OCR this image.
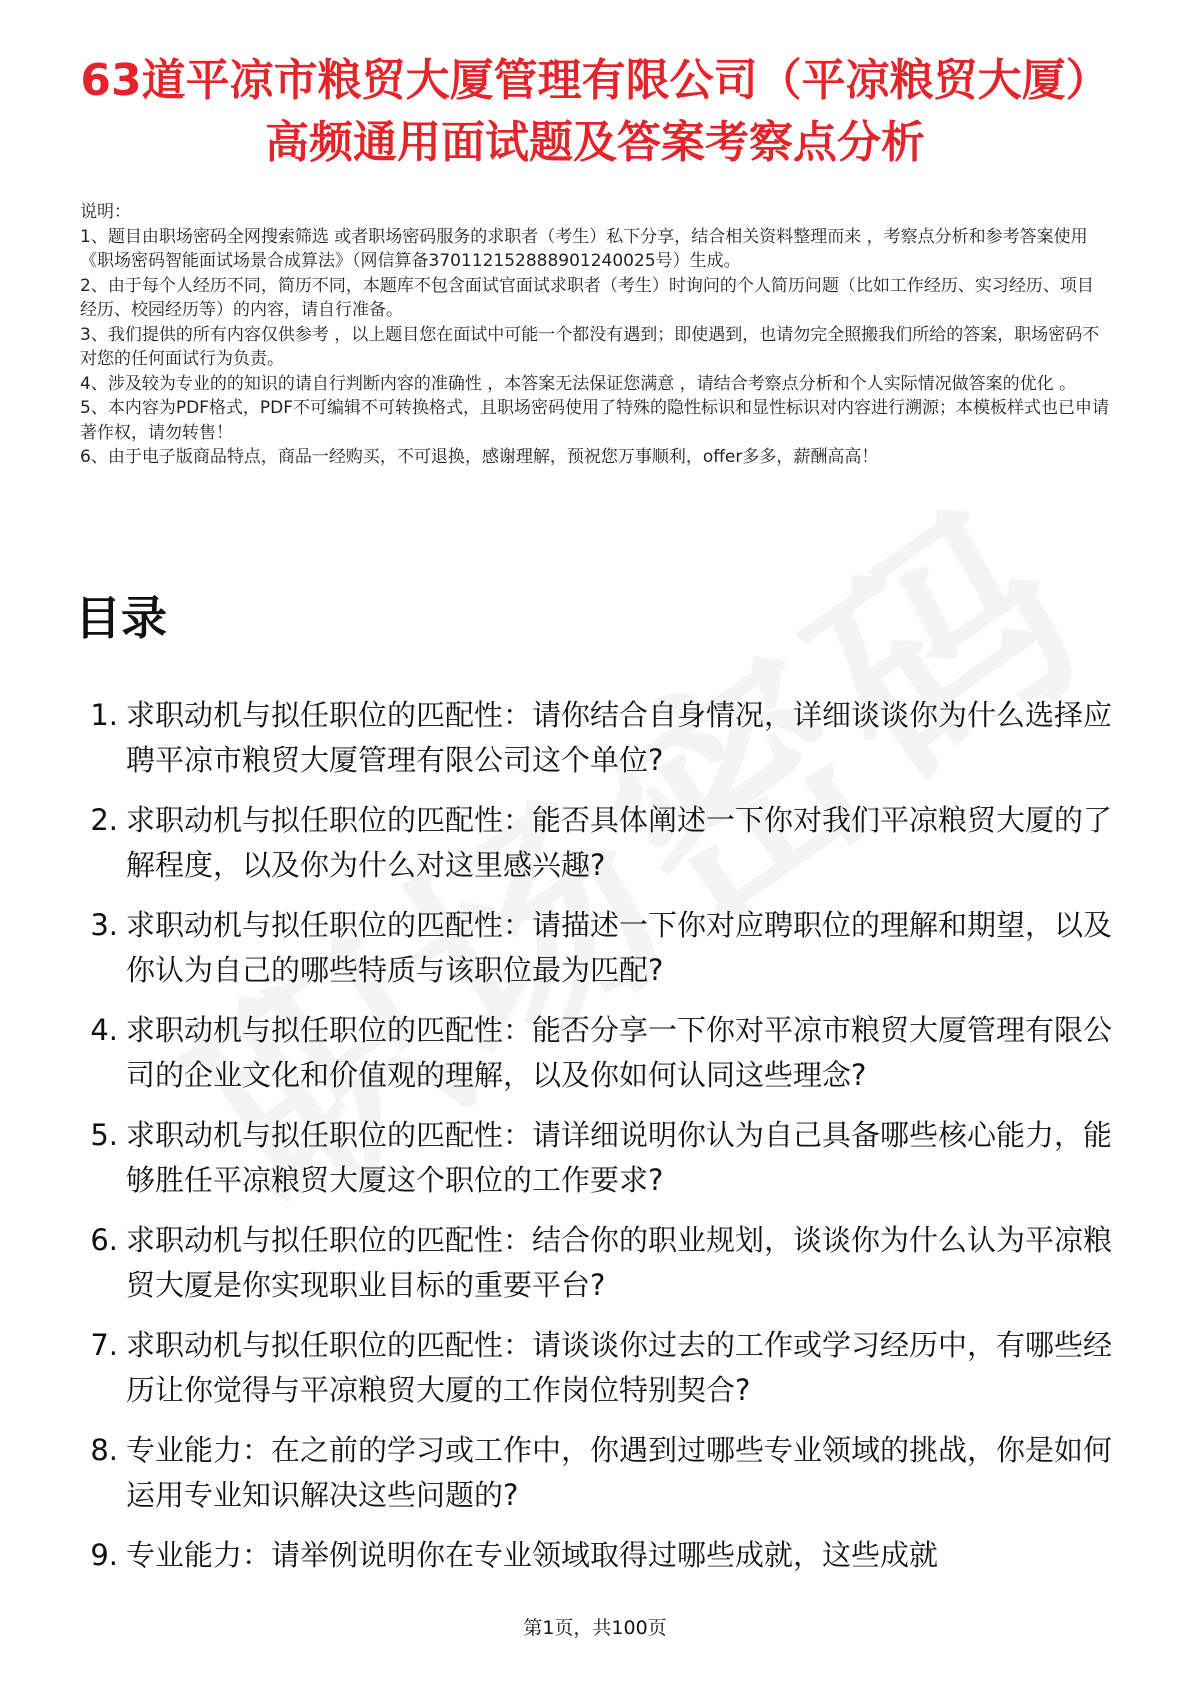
63道平凉市粮贸大厦管理有限公司（平凉粮贸大厦）高频通用面试题及答案考察点分析

说明：

1、题目由职场密码全网搜索筛选 或者职场密码服务的求职者（考生）私下分享，结合相关资料整理而来 ，考察点分析和参考答案使用《职场密码智能面试场景合成算法》（网信算备370112152888901240025号）生成。

2、由于每个人经历不同，简历不同，本题库不包含面试官面试求职者（考生）时询问的个人简历问题（比如工作经历、实习经历、项目经历、校园经历等）的内容，请自行准备。

3、我们提供的所有内容仅供参考 ，以上题目您在面试中可能一个都没有遇到；即使遇到，也请勿完全照搬我们所给的答案，职场密码不对您的任何面试行为负责。

4、涉及较为专业的的知识的请自行判断内容的准确性 ，本答案无法保证您满意 ，请结合考察点分析和个人实际情况做答案的优化 。

5、本内容为PDF格式，PDF不可编辑不可转换格式，且职场密码使用了特殊的隐性标识和显性标识对内容进行溯源；本模板样式也已申请著作权，请勿转售！

6、由于电子版商品特点，商品一经购买，不可退换，感谢理解，预祝您万事顺利，offer多多，薪酬高高！

目录
1. 求职动机与拟任职位的匹配性：请你结合自身情况，详细谈谈你为什么选择应聘平凉市粮贸大厦管理有限公司这个单位?
2. 求职动机与拟任职位的匹配性：能否具体阐述一下你对我们平凉粮贸大厦的了解程度，以及你为什么对这里感兴趣?
3. 求职动机与拟任职位的匹配性：请描述一下你对应聘职位的理解和期望，以及你认为自己的哪些特质与该职位最为匹配?
4. 求职动机与拟任职位的匹配性：能否分享一下你对平凉市粮贸大厦管理有限公司的企业文化和价值观的理解，以及你如何认同这些理念?
5. 求职动机与拟任职位的匹配性：请详细说明你认为自己具备哪些核心能力，能够胜任平凉粮贸大厦这个职位的工作要求?
6. 求职动机与拟任职位的匹配性：结合你的职业规划，谈谈你为什么认为平凉粮贸大厦是你实现职业目标的重要平台?
7. 求职动机与拟任职位的匹配性：请谈谈你过去的工作或学习经历中，有哪些经历让你觉得与平凉粮贸大厦的工作岗位特别契合?
8. 专业能力：在之前的学习或工作中，你遇到过哪些专业领域的挑战，你是如何运用专业知识解决这些问题的?
9. 专业能力：请举例说明你在专业领域取得过哪些成就，这些成就
第1页，共100页
